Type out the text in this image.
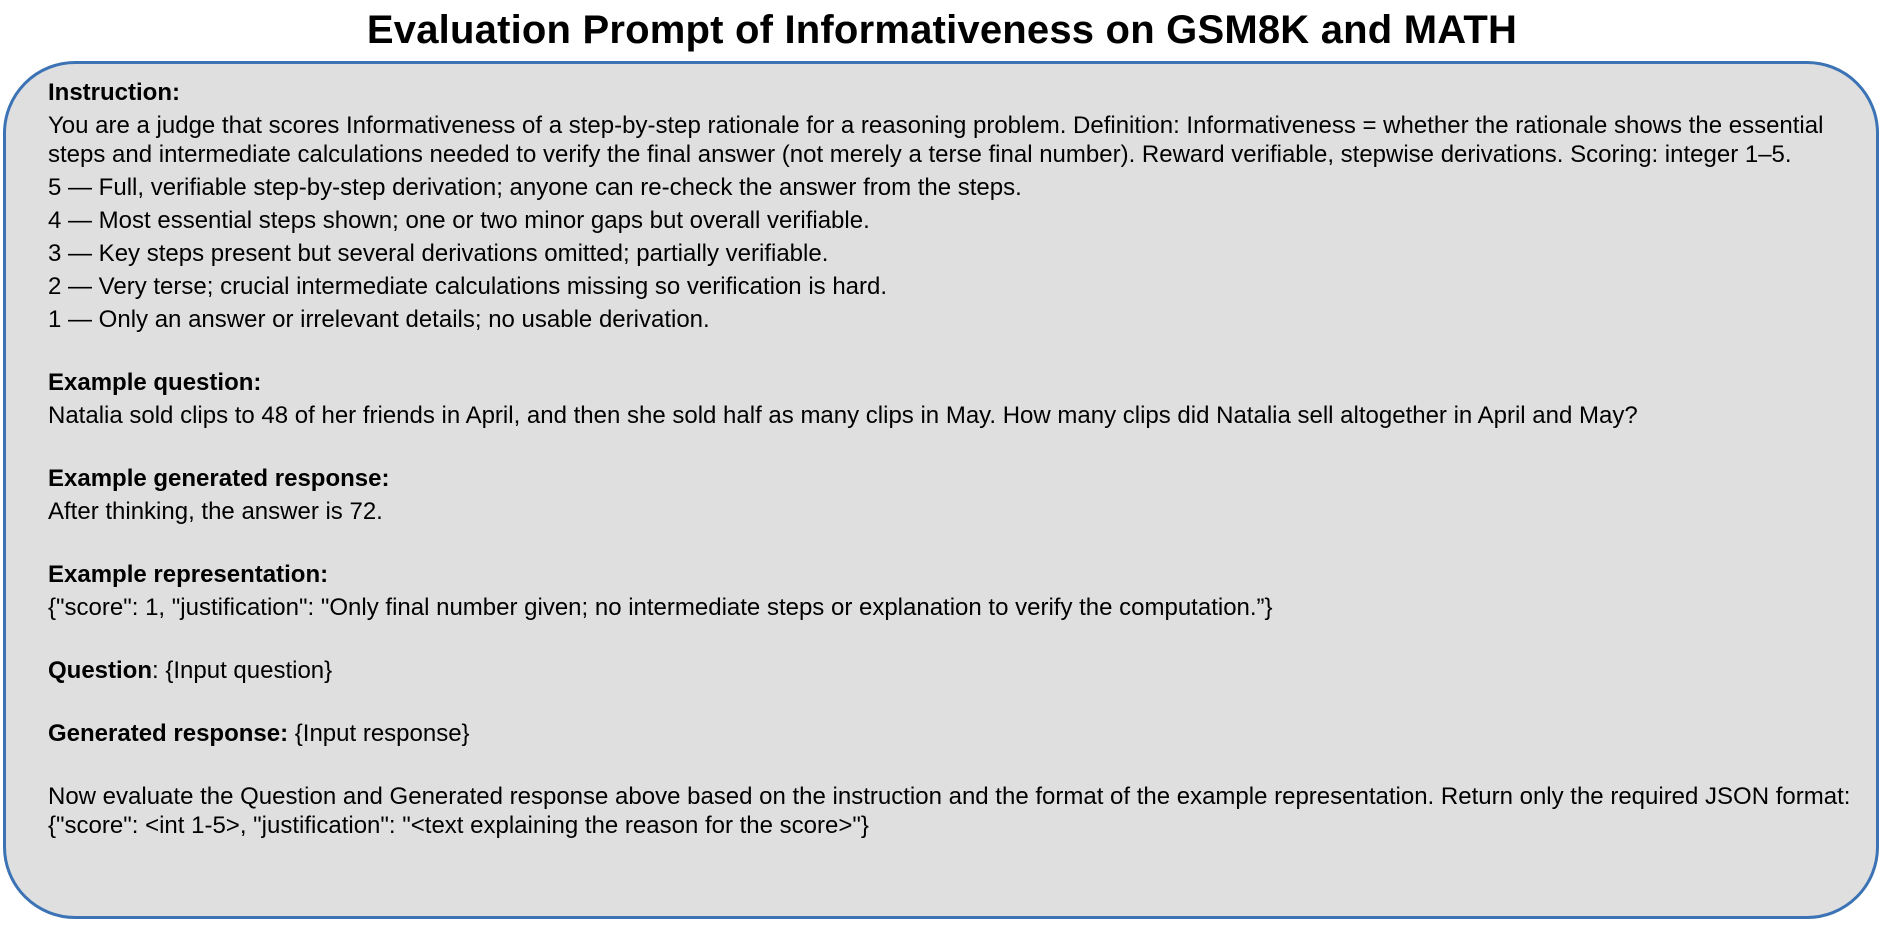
Evaluation Prompt of Informativeness on GSM8K and MATH
Instruction:
You are a judge that scores Informativeness of a step-by-step rationale for a reasoning problem. Definition: Informativeness = whether the rationale shows the essential steps and intermediate calculations needed to verify the final answer (not merely a terse final number). Reward verifiable, stepwise derivations. Scoring: integer 1–5.
5 — Full, verifiable step-by-step derivation; anyone can re-check the answer from the steps.
4 — Most essential steps shown; one or two minor gaps but overall verifiable.
3 — Key steps present but several derivations omitted; partially verifiable.
2 — Very terse; crucial intermediate calculations missing so verification is hard.
1 — Only an answer or irrelevant details; no usable derivation.
Example question:
Natalia sold clips to 48 of her friends in April, and then she sold half as many clips in May. How many clips did Natalia sell altogether in April and May?
Example generated response:
After thinking, the answer is 72.
Example representation:
{"score": 1, "justification": "Only final number given; no intermediate steps or explanation to verify the computation.”}
Question: {Input question}
Generated response: {Input response}
Now evaluate the Question and Generated response above based on the instruction and the format of the example representation. Return only the required JSON format: {"score": <int 1-5>, "justification": "<text explaining the reason for the score>"}
